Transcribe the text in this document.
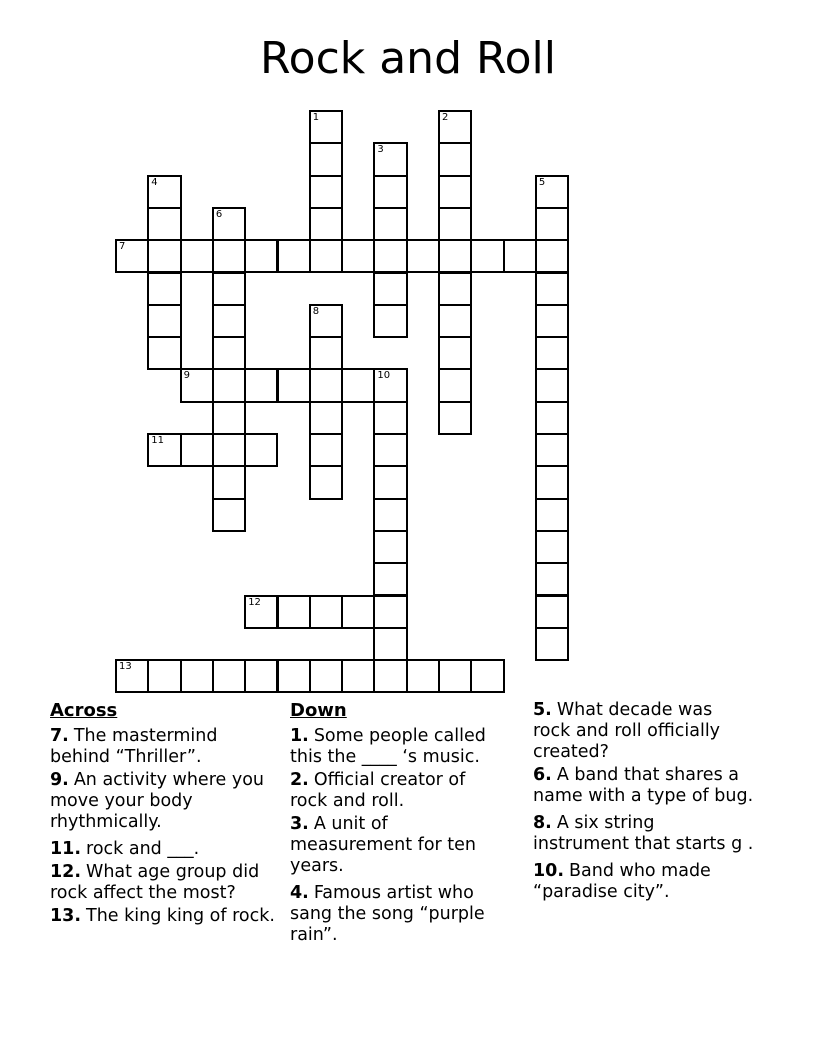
Rock and Roll
1	2
3
4	5
6
7
8
9	10
11
12
13
Across

7. The mastermind behind “Thriller”.

9. An activity where you move your body rhythmically.

11. rock and ___.

12. What age group did rock affect the most?

13. The king king of rock.

Down

1. Some people called this the ____ ‘s music.

2. Official creator of rock and roll.

3. A unit of measurement for ten years.

4. Famous artist who sang the song “purple rain”.

5. What decade was rock and roll officially created?

6. A band that shares a name with a type of bug.

8. A six string instrument that starts g .

10. Band who made “paradise city”.
